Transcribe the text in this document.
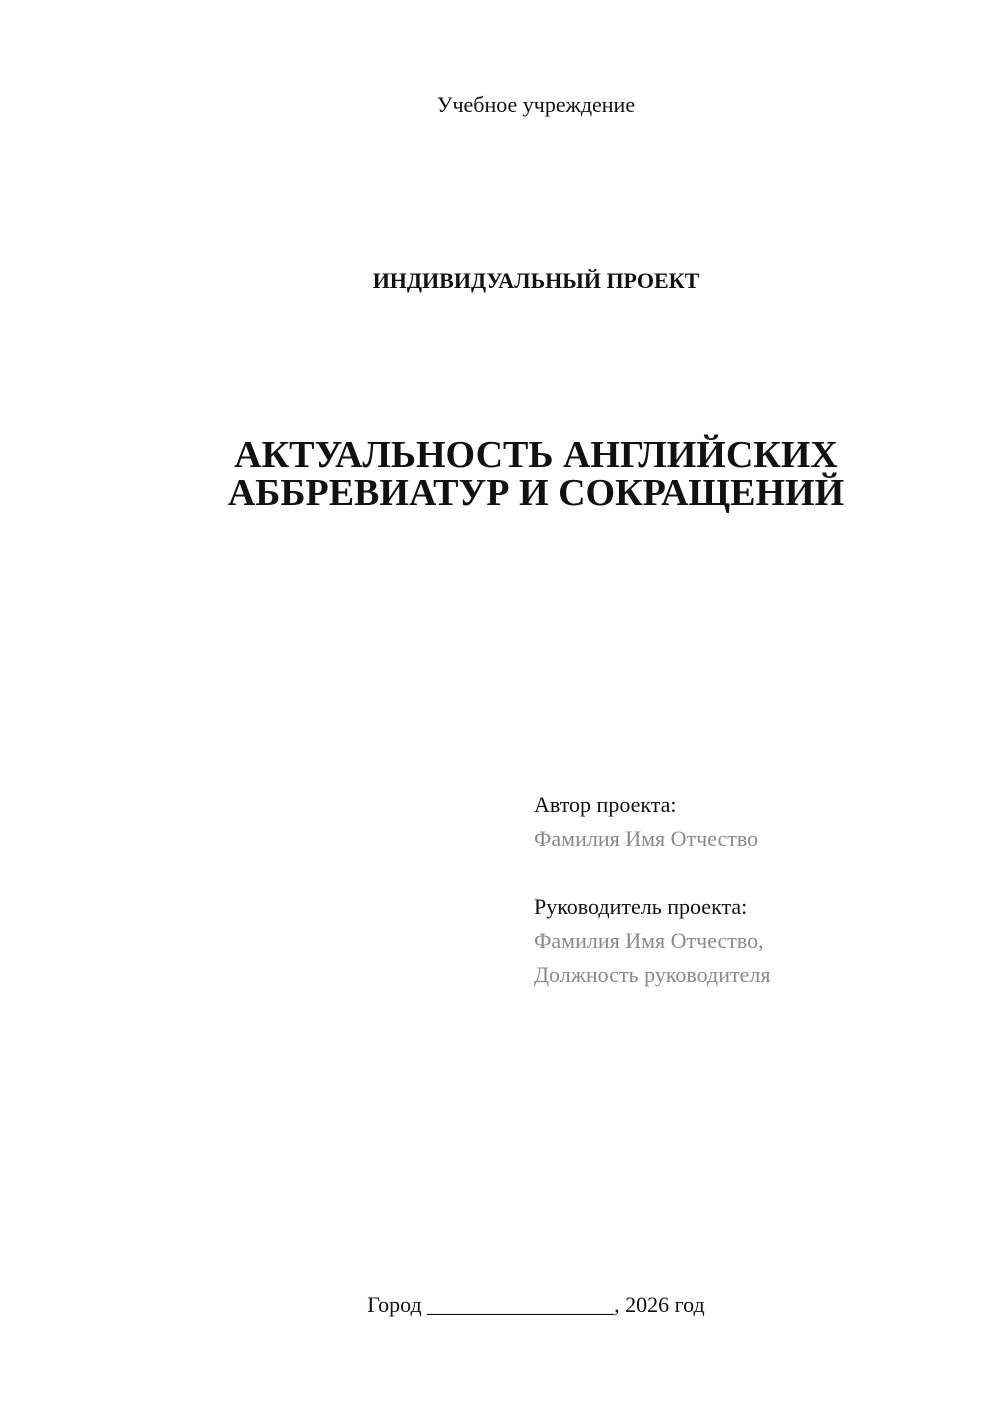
Учебное учреждение
ИНДИВИДУАЛЬНЫЙ ПРОЕКТ
АКТУАЛЬНОСТЬ АНГЛИЙСКИХ
АББРЕВИАТУР И СОКРАЩЕНИЙ
Автор проекта:
Фамилия Имя Отчество
Руководитель проекта:
Фамилия Имя Отчество,
Должность руководителя
Город _________________, 2026 год
